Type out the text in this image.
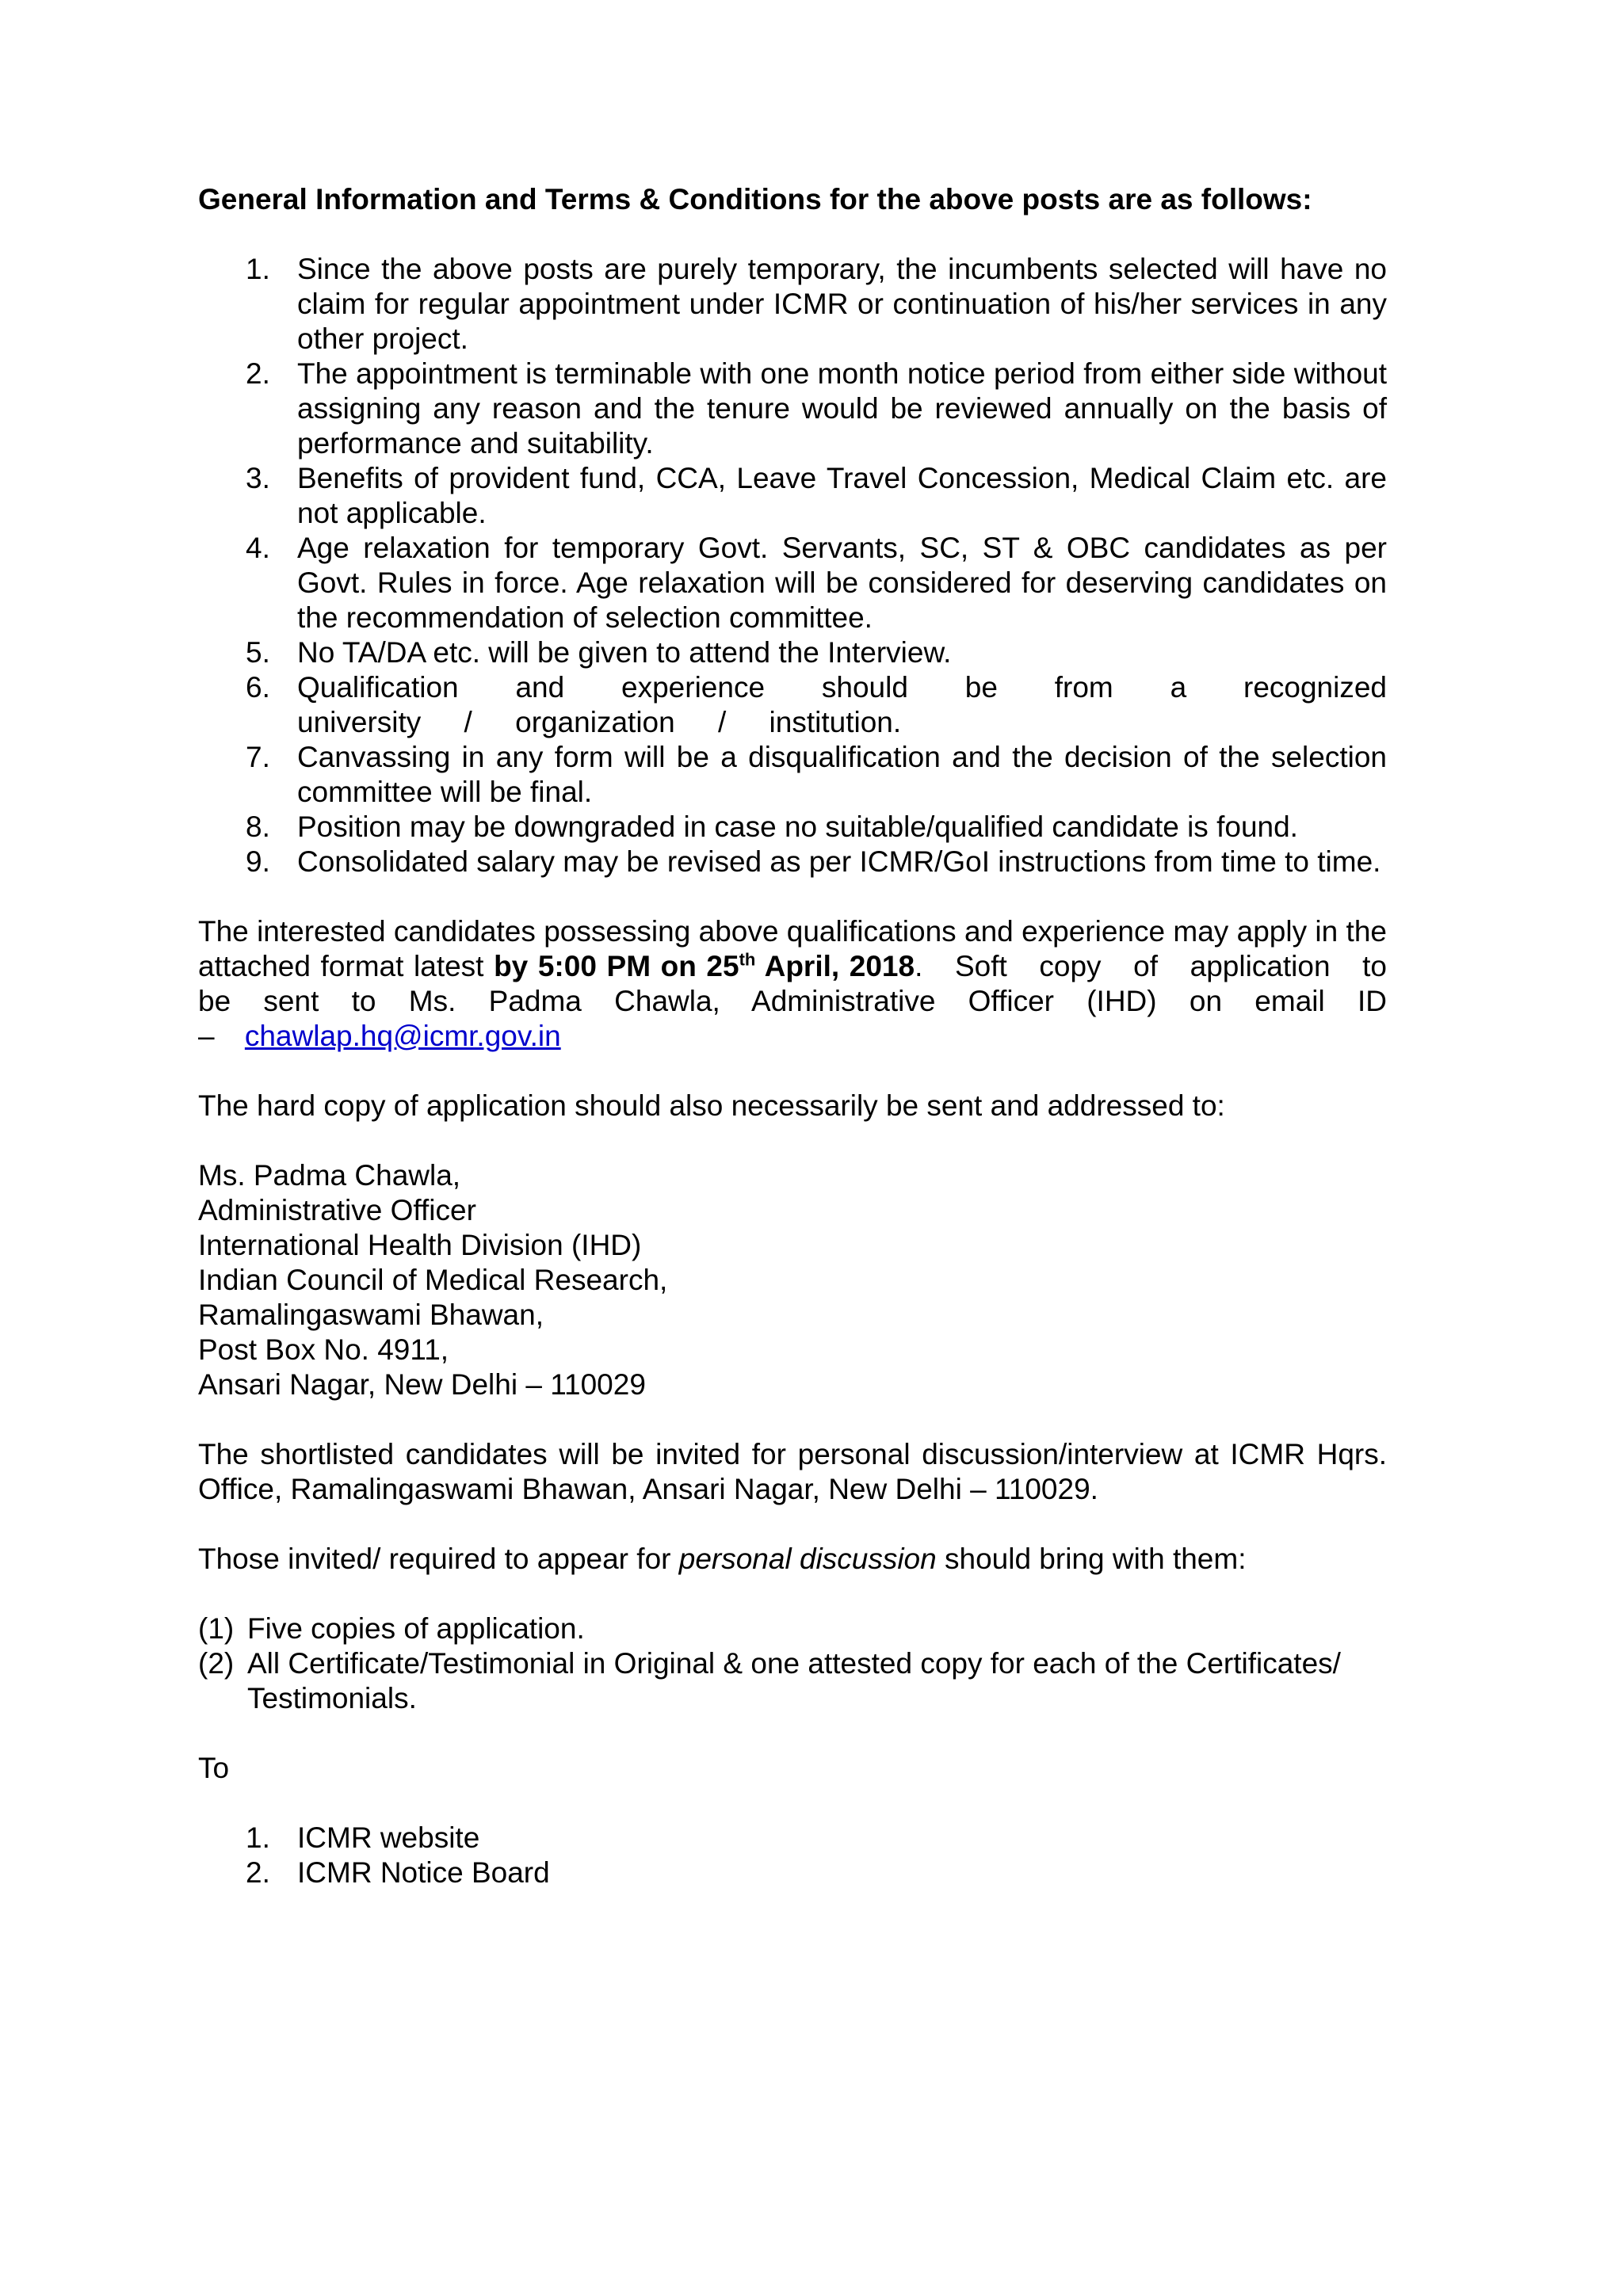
General Information and Terms & Conditions for the above posts are as follows:

1. Since the above posts are purely temporary, the incumbents selected will have no claim for regular appointment under ICMR or continuation of his/her services in any other project.
2. The appointment is terminable with one month notice period from either side without assigning any reason and the tenure would be reviewed annually on the basis of performance and suitability.
3. Benefits of provident fund, CCA, Leave Travel Concession, Medical Claim etc. are not applicable.
4. Age relaxation for temporary Govt. Servants, SC, ST & OBC candidates as per Govt. Rules in force. Age relaxation will be considered for deserving candidates on the recommendation of selection committee.
5. No TA/DA etc. will be given to attend the Interview.
6. Qualification and experience should be from a recognized university / organization / institution.
7. Canvassing in any form will be a disqualification and the decision of the selection committee will be final.
8. Position may be downgraded in case no suitable/qualified candidate is found.
9. Consolidated salary may be revised as per ICMR/GoI instructions from time to time.

The interested candidates possessing above qualifications and experience may apply in the attached format latest by 5:00 PM on 25th April, 2018. Soft copy of application to be sent to Ms. Padma Chawla, Administrative Officer (IHD) on email ID – chawlap.hq@icmr.gov.in

The hard copy of application should also necessarily be sent and addressed to:

Ms. Padma Chawla,
Administrative Officer
International Health Division (IHD)
Indian Council of Medical Research,
Ramalingaswami Bhawan,
Post Box No. 4911,
Ansari Nagar, New Delhi – 110029

The shortlisted candidates will be invited for personal discussion/interview at ICMR Hqrs. Office, Ramalingaswami Bhawan, Ansari Nagar, New Delhi – 110029.

Those invited/ required to appear for personal discussion should bring with them:

(1) Five copies of application.
(2) All Certificate/Testimonial in Original & one attested copy for each of the Certificates/ Testimonials.

To

1. ICMR website
2. ICMR Notice Board
